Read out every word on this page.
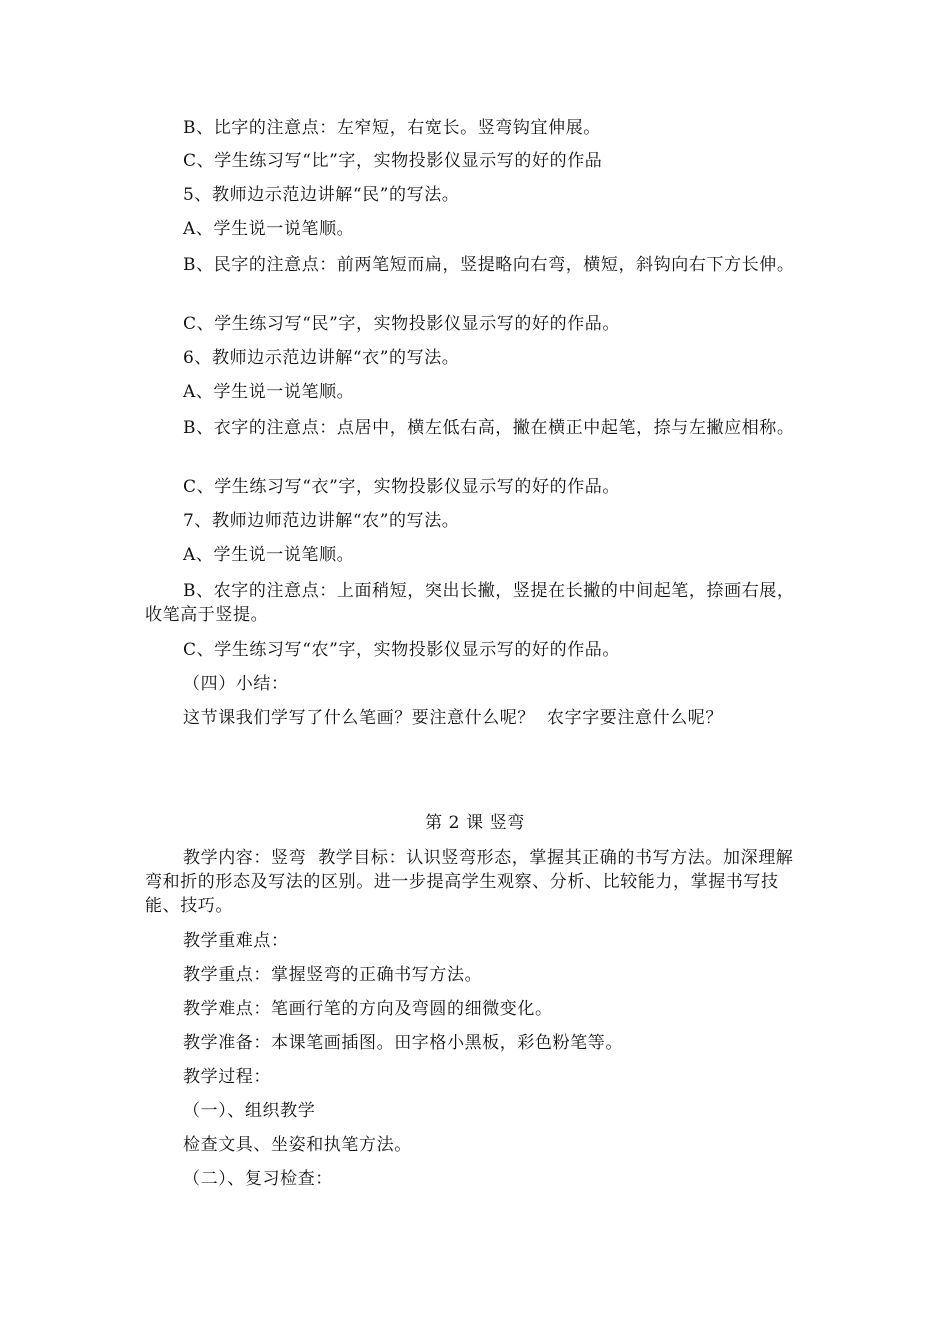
B、比字的注意点：左窄短，右宽长。竖弯钩宜伸展。

C、学生练习写“比”字，实物投影仪显示写的好的作品

5、教师边示范边讲解“民”的写法。

A、学生说一说笔顺。

B、民字的注意点：前两笔短而扁，竖提略向右弯，横短，斜钩向右下方长伸。

C、学生练习写“民”字，实物投影仪显示写的好的作品。

6、教师边示范边讲解“衣”的写法。

A、学生说一说笔顺。

B、衣字的注意点：点居中，横左低右高，撇在横正中起笔，捺与左撇应相称。

C、学生练习写“衣”字，实物投影仪显示写的好的作品。

7、教师边师范边讲解“农”的写法。

A、学生说一说笔顺。

B、农字的注意点：上面稍短，突出长撇，竖提在长撇的中间起笔，捺画右展，收笔高于竖提。

C、学生练习写“农”字，实物投影仪显示写的好的作品。

（四）小结：

这节课我们学写了什么笔画？要注意什么呢？  农字字要注意什么呢？

第 2 课 竖弯

教学内容：竖弯  教学目标：认识竖弯形态，掌握其正确的书写方法。加深理解弯和折的形态及写法的区别。进一步提高学生观察、分析、比较能力，掌握书写技能、技巧。

教学重难点：

教学重点：掌握竖弯的正确书写方法。

教学难点：笔画行笔的方向及弯圆的细微变化。

教学准备：本课笔画插图。田字格小黑板，彩色粉笔等。

教学过程：

（一）、组织教学

检查文具、坐姿和执笔方法。

（二）、复习检查：
